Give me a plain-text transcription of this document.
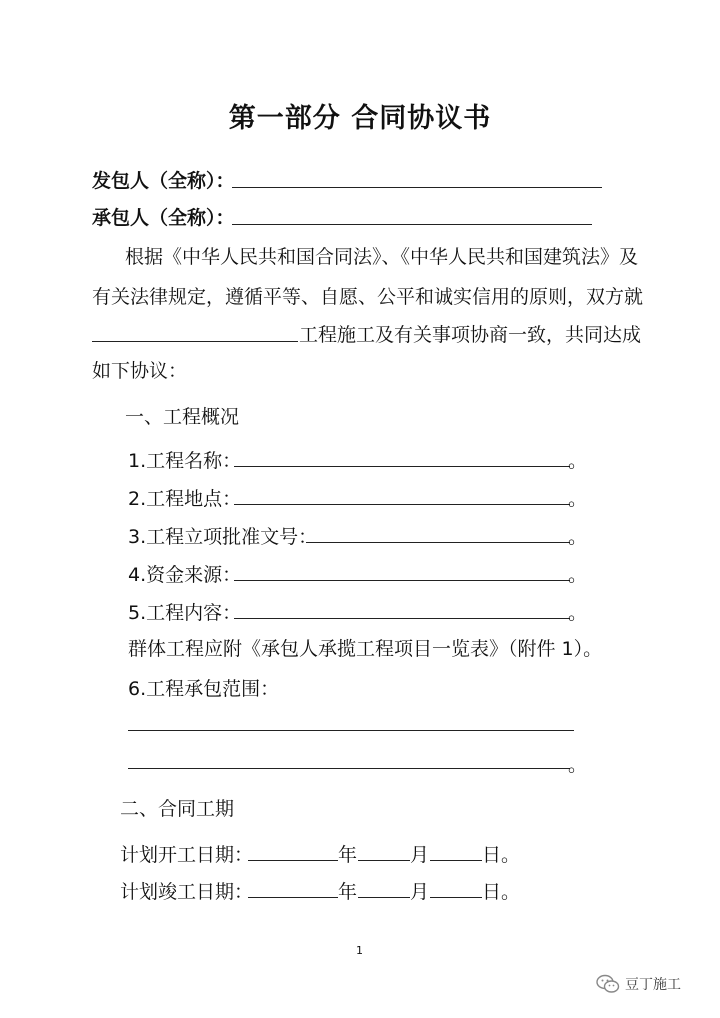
第一部分 合同协议书
发包人（全称）：
承包人（全称）：
根据《中华人民共和国合同法》、《中华人民共和国建筑法》及
有关法律规定，遵循平等、自愿、公平和诚实信用的原则，双方就
工程施工及有关事项协商一致，共同达成
如下协议：
一、工程概况
1.工程名称：	。
2.工程地点：	。
3.工程立项批准文号：	。
4.资金来源：	。
5.工程内容：	。
群体工程应附《承包人承揽工程项目一览表》（附件 1）。
6.工程承包范围：
。
二、合同工期
计划开工日期：	年	月	日。
计划竣工日期：	年	月	日。
1
豆丁施工
